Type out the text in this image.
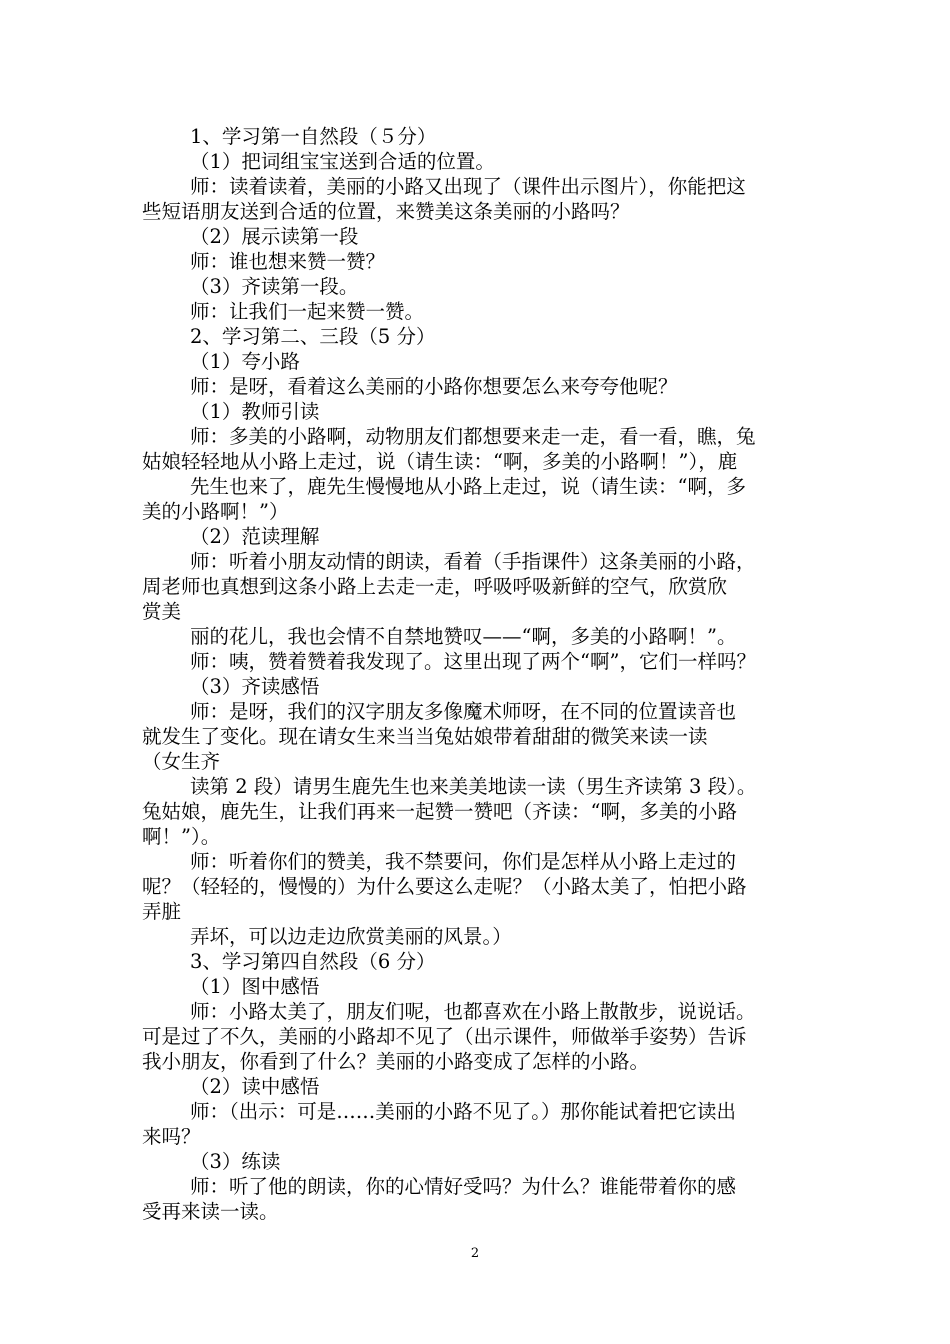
1、学习第一自然段（５分）
（1）把词组宝宝送到合适的位置。
师：读着读着，美丽的小路又出现了（课件出示图片），你能把这
些短语朋友送到合适的位置，来赞美这条美丽的小路吗？
（2）展示读第一段
师：谁也想来赞一赞？
（3）齐读第一段。
师：让我们一起来赞一赞。
2、学习第二、三段（5 分）
（1）夸小路
师：是呀，看着这么美丽的小路你想要怎么来夸夸他呢？
（1）教师引读
师：多美的小路啊，动物朋友们都想要来走一走，看一看，瞧，兔
姑娘轻轻地从小路上走过，说（请生读：“啊，多美的小路啊！”），鹿
先生也来了，鹿先生慢慢地从小路上走过，说（请生读：“啊，多
美的小路啊！”）
（2）范读理解
师：听着小朋友动情的朗读，看着（手指课件）这条美丽的小路，
周老师也真想到这条小路上去走一走，呼吸呼吸新鲜的空气，欣赏欣
赏美
丽的花儿，我也会情不自禁地赞叹——“啊，多美的小路啊！”。
师：咦，赞着赞着我发现了。这里出现了两个“啊”，它们一样吗？
（3）齐读感悟
师：是呀，我们的汉字朋友多像魔术师呀，在不同的位置读音也
就发生了变化。现在请女生来当当兔姑娘带着甜甜的微笑来读一读
（女生齐
读第 2 段）请男生鹿先生也来美美地读一读（男生齐读第 3 段）。
兔姑娘，鹿先生，让我们再来一起赞一赞吧（齐读：“啊，多美的小路
啊！”）。
师：听着你们的赞美，我不禁要问，你们是怎样从小路上走过的
呢？（轻轻的，慢慢的）为什么要这么走呢？（小路太美了，怕把小路
弄脏
弄坏，可以边走边欣赏美丽的风景。）
3、学习第四自然段（6 分）
（1）图中感悟
师：小路太美了，朋友们呢，也都喜欢在小路上散散步，说说话。
可是过了不久，美丽的小路却不见了（出示课件，师做举手姿势）告诉
我小朋友，你看到了什么？美丽的小路变成了怎样的小路。
（2）读中感悟
师：（出示：可是……美丽的小路不见了。）那你能试着把它读出
来吗？
（3）练读
师：听了他的朗读，你的心情好受吗？为什么？谁能带着你的感
受再来读一读。
2
